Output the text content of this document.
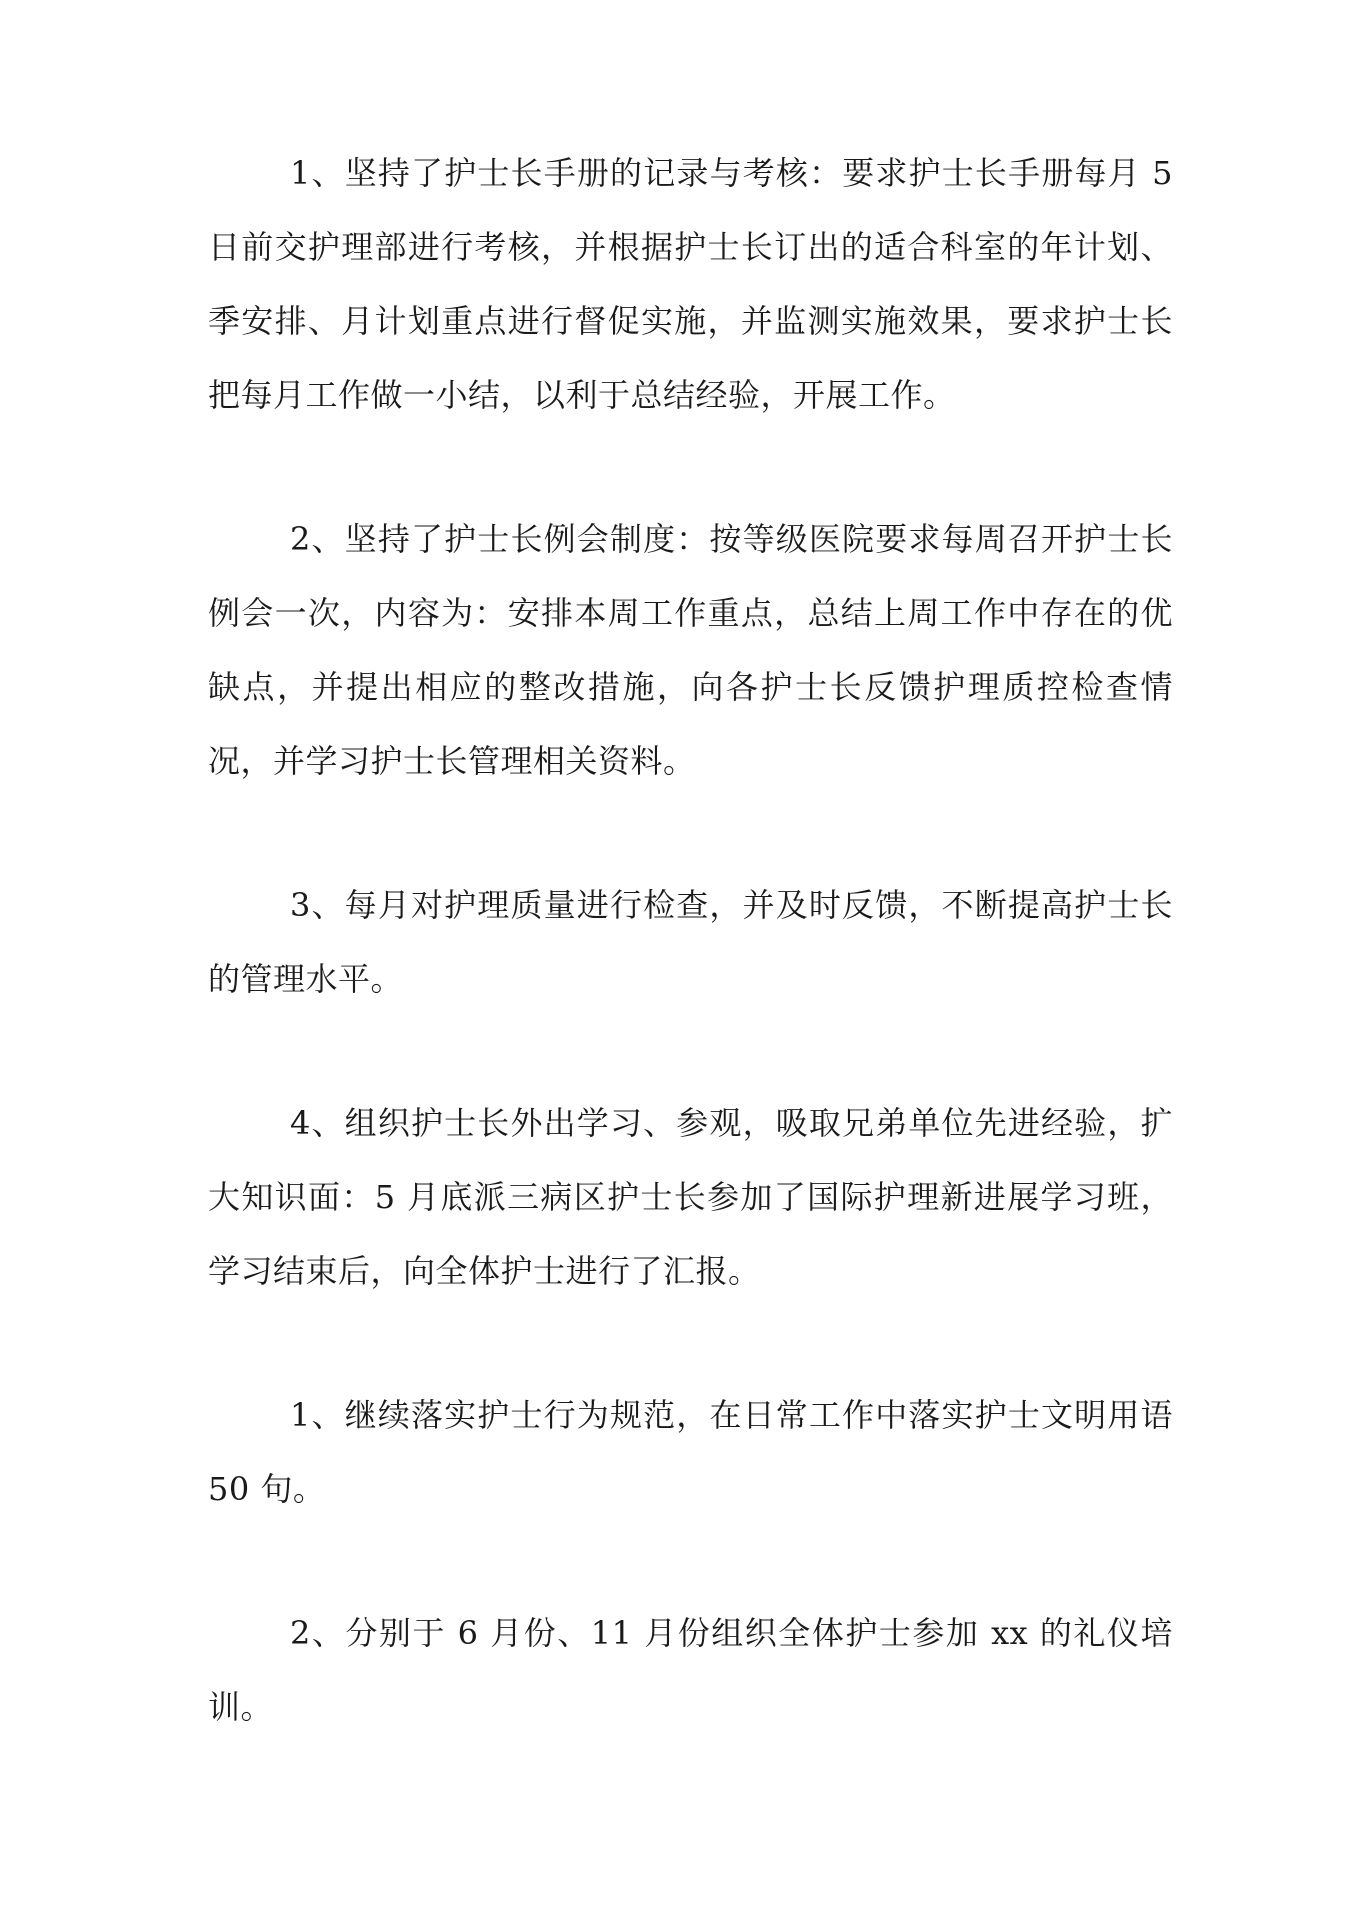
1、坚持了护士长手册的记录与考核：要求护士长手册每月 5 日前交护理部进行考核，并根据护士长订出的适合科室的年计划、季安排、月计划重点进行督促实施，并监测实施效果，要求护士长把每月工作做一小结，以利于总结经验，开展工作。

2、坚持了护士长例会制度：按等级医院要求每周召开护士长例会一次，内容为：安排本周工作重点，总结上周工作中存在的优缺点，并提出相应的整改措施，向各护士长反馈护理质控检查情况，并学习护士长管理相关资料。

3、每月对护理质量进行检查，并及时反馈，不断提高护士长的管理水平。

4、组织护士长外出学习、参观，吸取兄弟单位先进经验，扩大知识面：5 月底派三病区护士长参加了国际护理新进展学习班，学习结束后，向全体护士进行了汇报。

1、继续落实护士行为规范，在日常工作中落实护士文明用语 50 句。

2、分别于 6 月份、11 月份组织全体护士参加 xx 的礼仪培训。
